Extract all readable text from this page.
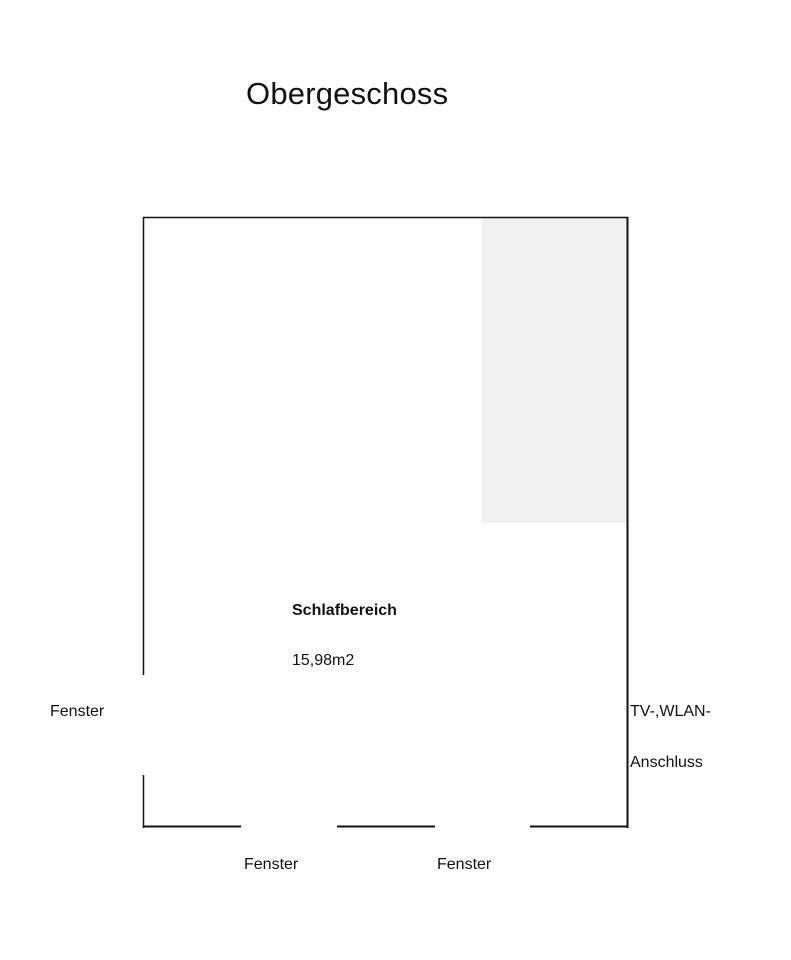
Obergeschoss
Schlafbereich
15,98m2
Fenster
Fenster	Fenster
TV-,WLAN-
Anschluss
